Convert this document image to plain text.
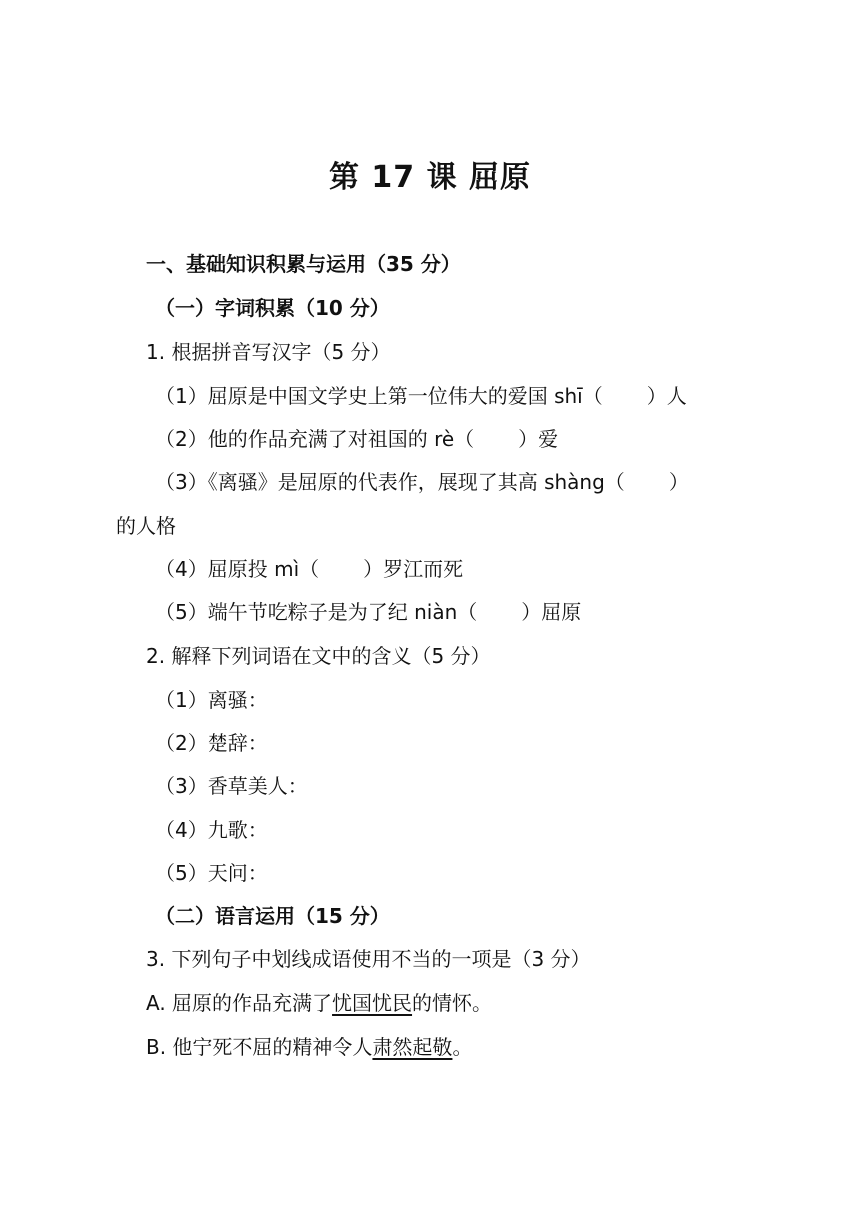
第 17 课 屈原
一、基础知识积累与运用（35 分）
（一）字词积累（10 分）
1. 根据拼音写汉字（5 分）
（1）屈原是中国文学史上第一位伟大的爱国 shī（ ）人
（2）他的作品充满了对祖国的 rè（ ）爱
（3）《离骚》是屈原的代表作，展现了其高 shàng（ ）
的人格
（4）屈原投 mì（ ）罗江而死
（5）端午节吃粽子是为了纪 niàn（ ）屈原
2. 解释下列词语在文中的含义（5 分）
（1）离骚：
（2）楚辞：
（3）香草美人：
（4）九歌：
（5）天问：
（二）语言运用（15 分）
3. 下列句子中划线成语使用不当的一项是（3 分）
A. 屈原的作品充满了忧国忧民的情怀。
B. 他宁死不屈的精神令人肃然起敬。
